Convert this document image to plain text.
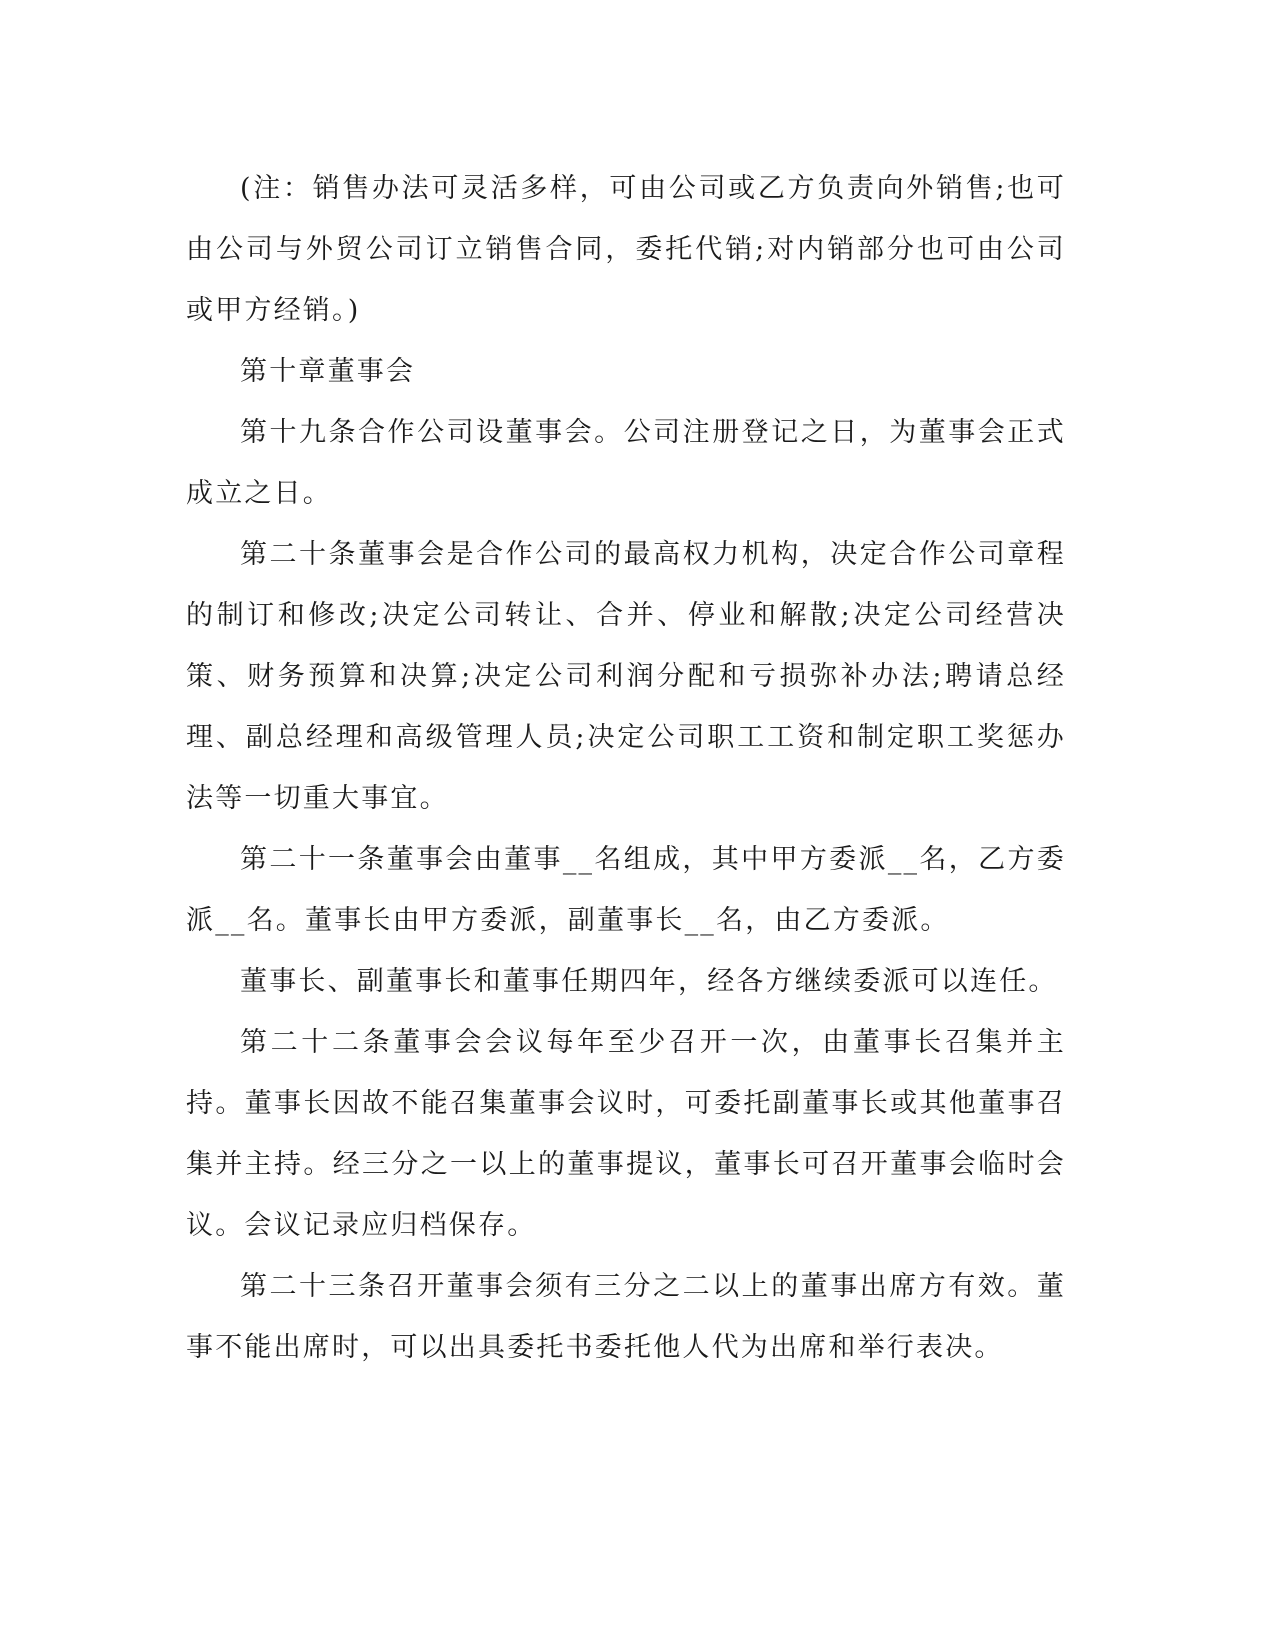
(注：销售办法可灵活多样，可由公司或乙方负责向外销售;也可由公司与外贸公司订立销售合同，委托代销;对内销部分也可由公司或甲方经销。)

第十章董事会

第十九条合作公司设董事会。公司注册登记之日，为董事会正式成立之日。

第二十条董事会是合作公司的最高权力机构，决定合作公司章程的制订和修改;决定公司转让、合并、停业和解散;决定公司经营决策、财务预算和决算;决定公司利润分配和亏损弥补办法;聘请总经理、副总经理和高级管理人员;决定公司职工工资和制定职工奖惩办法等一切重大事宜。

第二十一条董事会由董事__名组成，其中甲方委派__名，乙方委派__名。董事长由甲方委派，副董事长__名，由乙方委派。

董事长、副董事长和董事任期四年，经各方继续委派可以连任。

第二十二条董事会会议每年至少召开一次，由董事长召集并主持。董事长因故不能召集董事会议时，可委托副董事长或其他董事召集并主持。经三分之一以上的董事提议，董事长可召开董事会临时会议。会议记录应归档保存。

第二十三条召开董事会须有三分之二以上的董事出席方有效。董事不能出席时，可以出具委托书委托他人代为出席和举行表决。
